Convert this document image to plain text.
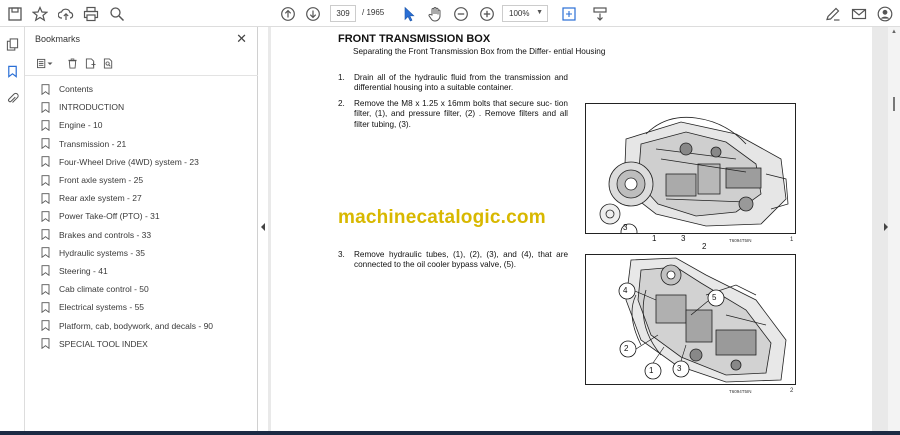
309	/ 1965	100% ▼
Bookmarks	✕
Contents
INTRODUCTION
Engine - 10
Transmission - 21
Four-Wheel Drive (4WD) system - 23
Front axle system - 25
Rear axle system - 27
Power Take-Off (PTO) - 31
Brakes and controls - 33
Hydraulic systems - 35
Steering - 41
Cab climate control - 50
Electrical systems - 55
Platform, cab, bodywork, and decals - 90
SPECIAL TOOL INDEX
FRONT TRANSMISSION BOX
Separating the Front Transmission Box from the Differ- ential Housing
1. Drain all of the hydraulic fluid from the transmission and differential housing into a suitable container.
2. Remove the M8 x 1.25 x 16mm bolts that secure suc- tion filter, (1), and pressure filter, (2) . Remove filters and all filter tubing, (3).
machinecatalogic.com
3. Remove hydraulic tubes, (1), (2), (3), and (4), that are connected to the oil cooler bypass valve, (5).
3
1	3
2
T6094T5IN	1
4
5
2
1	3
T6094T5IN	2
▲
